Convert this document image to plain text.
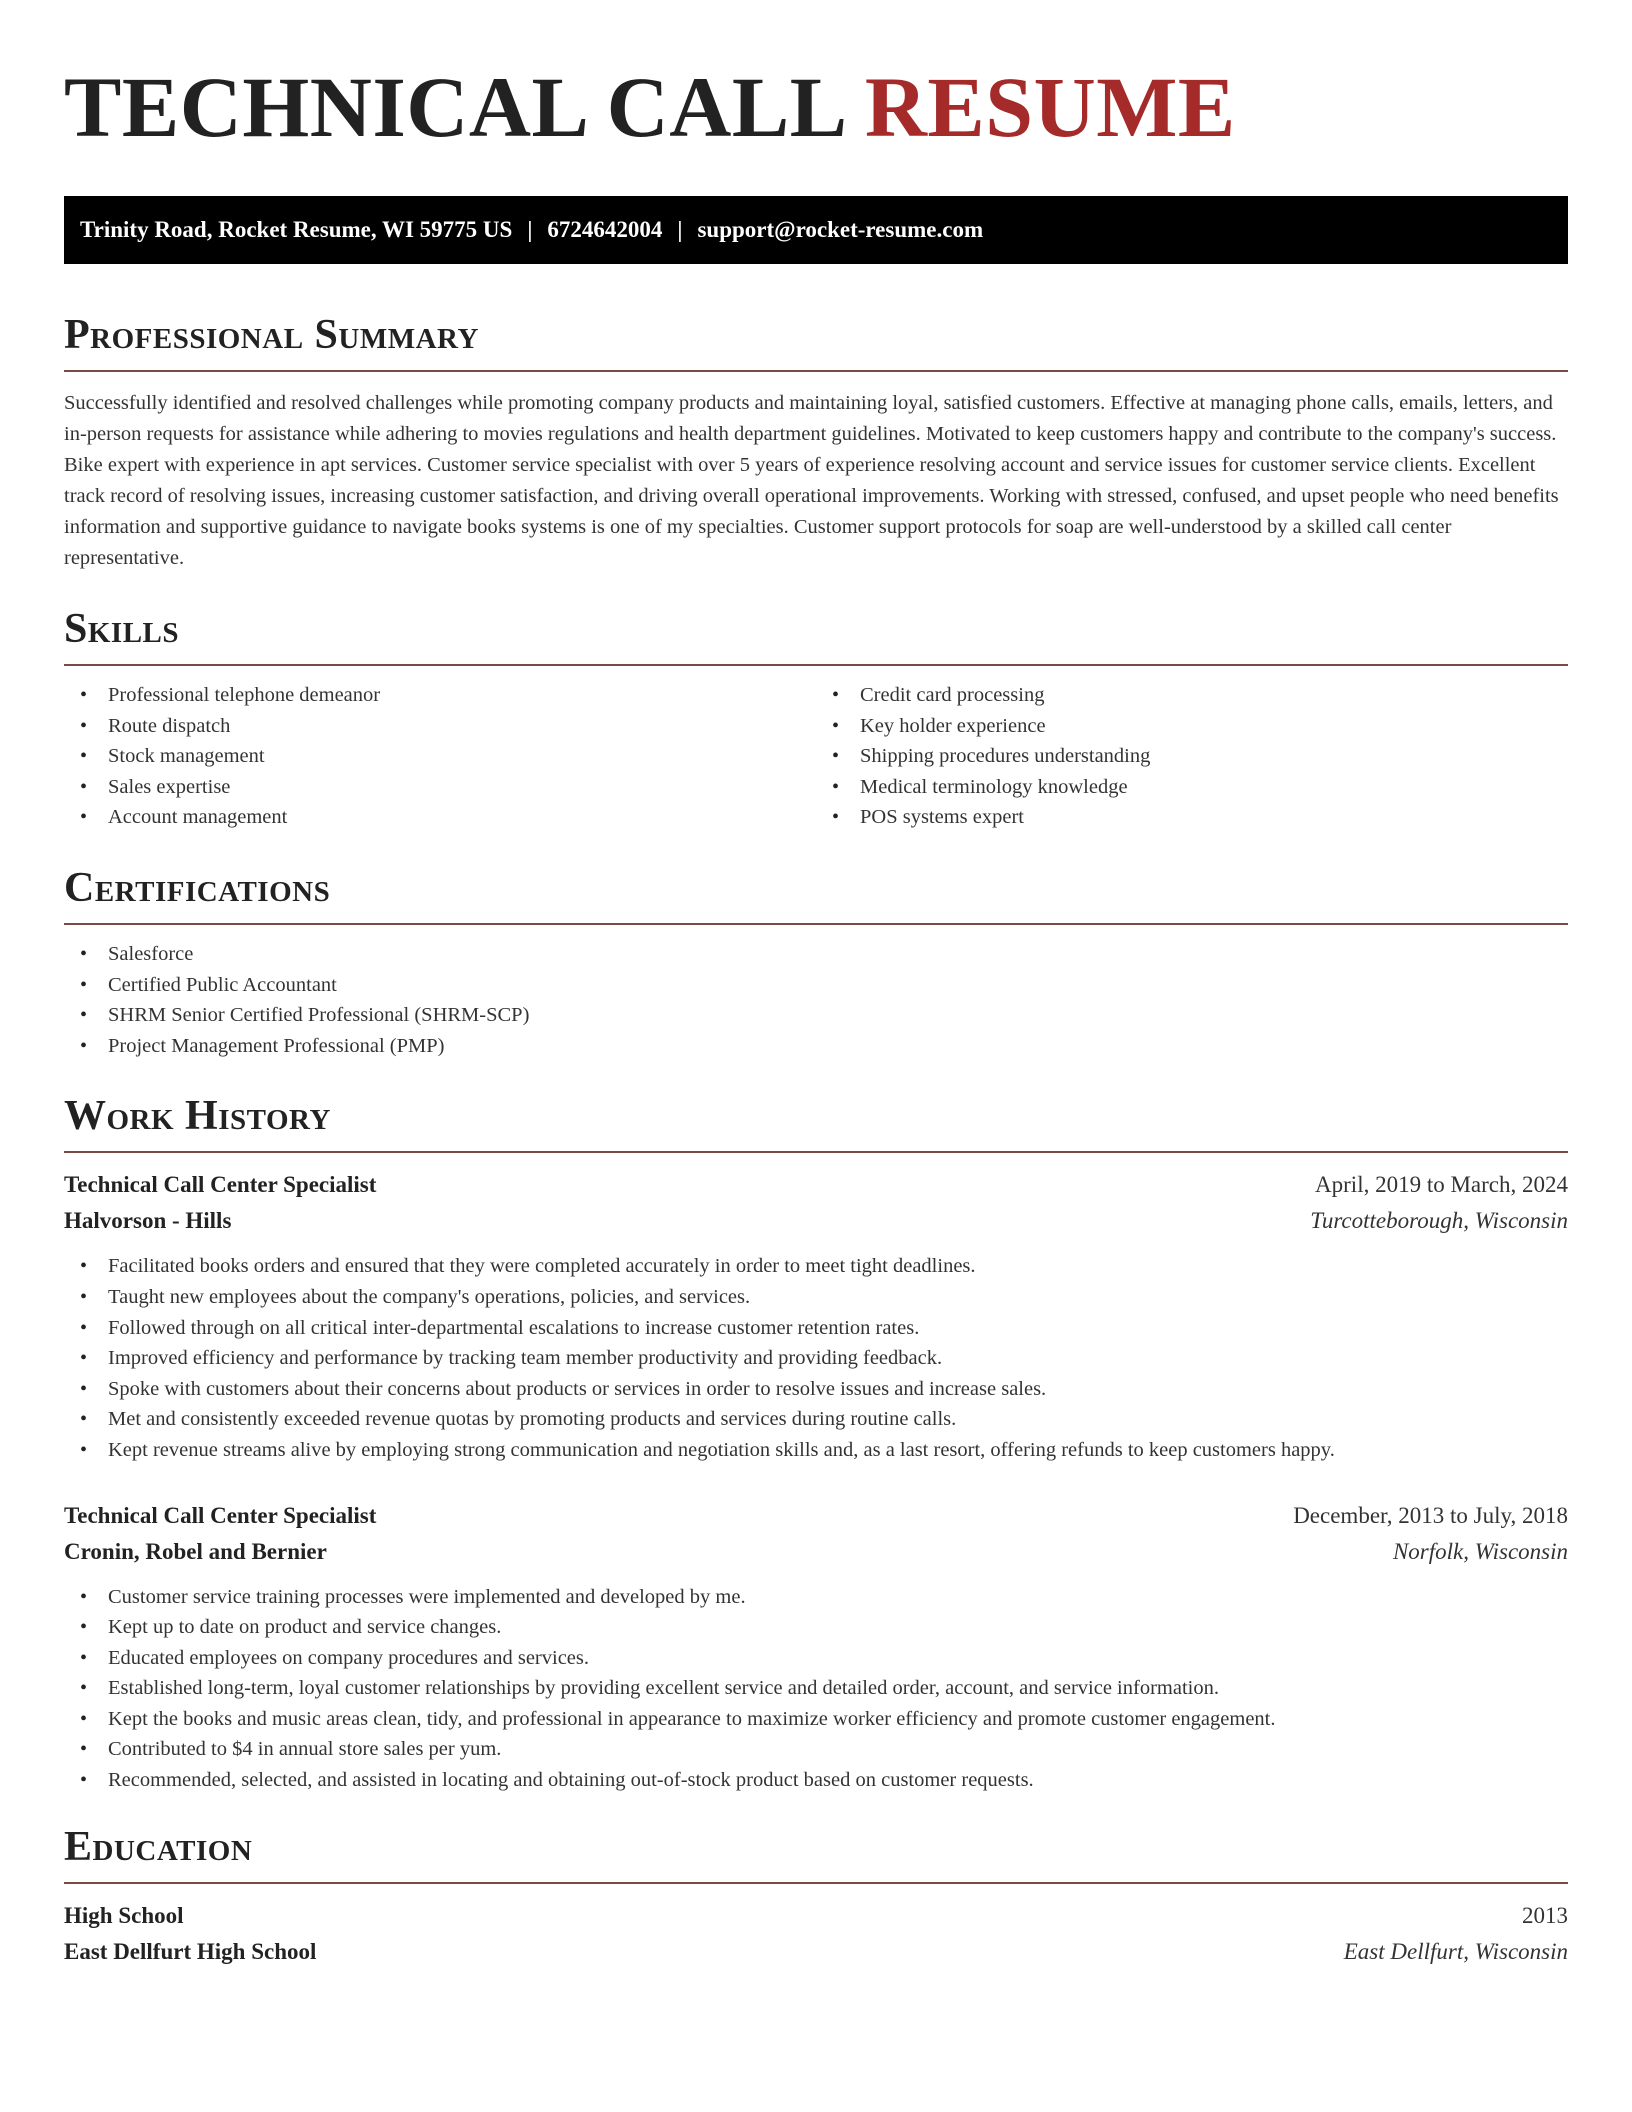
TECHNICAL CALL RESUME
Trinity Road, Rocket Resume, WI 59775 US | 6724642004 | support@rocket-resume.com
Professional Summary

Successfully identified and resolved challenges while promoting company products and maintaining loyal, satisfied customers. Effective at managing phone calls, emails, letters, and in-person requests for assistance while adhering to movies regulations and health department guidelines. Motivated to keep customers happy and contribute to the company's success. Bike expert with experience in apt services. Customer service specialist with over 5 years of experience resolving account and service issues for customer service clients. Excellent track record of resolving issues, increasing customer satisfaction, and driving overall operational improvements. Working with stressed, confused, and upset people who need benefits information and supportive guidance to navigate books systems is one of my specialties. Customer support protocols for soap are well-understood by a skilled call center representative.

Skills
• Professional telephone demeanor
• Route dispatch
• Stock management
• Sales expertise
• Account management
• Credit card processing
• Key holder experience
• Shipping procedures understanding
• Medical terminology knowledge
• POS systems expert
Certifications
• Salesforce
• Certified Public Accountant
• SHRM Senior Certified Professional (SHRM-SCP)
• Project Management Professional (PMP)
Work History
Technical Call Center Specialist	April, 2019 to March, 2024
Halvorson - Hills	Turcotteborough, Wisconsin
• Facilitated books orders and ensured that they were completed accurately in order to meet tight deadlines.
• Taught new employees about the company's operations, policies, and services.
• Followed through on all critical inter-departmental escalations to increase customer retention rates.
• Improved efficiency and performance by tracking team member productivity and providing feedback.
• Spoke with customers about their concerns about products or services in order to resolve issues and increase sales.
• Met and consistently exceeded revenue quotas by promoting products and services during routine calls.
• Kept revenue streams alive by employing strong communication and negotiation skills and, as a last resort, offering refunds to keep customers happy.
Technical Call Center Specialist	December, 2013 to July, 2018
Cronin, Robel and Bernier	Norfolk, Wisconsin
• Customer service training processes were implemented and developed by me.
• Kept up to date on product and service changes.
• Educated employees on company procedures and services.
• Established long-term, loyal customer relationships by providing excellent service and detailed order, account, and service information.
• Kept the books and music areas clean, tidy, and professional in appearance to maximize worker efficiency and promote customer engagement.
• Contributed to $4 in annual store sales per yum.
• Recommended, selected, and assisted in locating and obtaining out-of-stock product based on customer requests.
Education
High School	2013
East Dellfurt High School	East Dellfurt, Wisconsin
